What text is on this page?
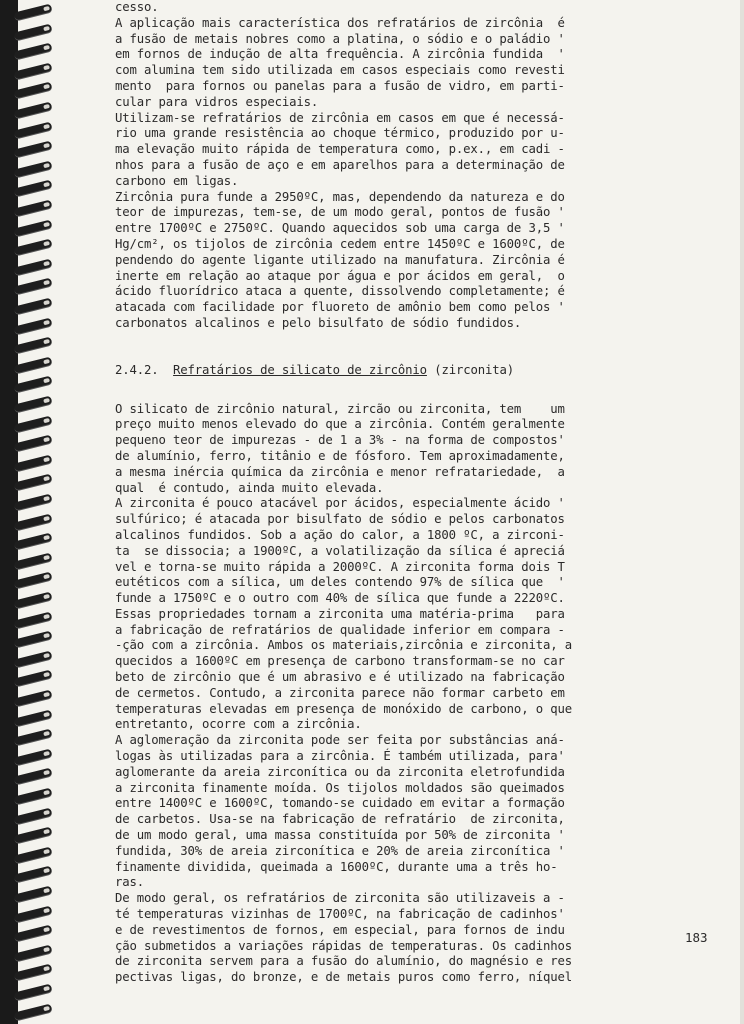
cesso.
A aplicação mais característica dos refratários de zircônia  é
a fusão de metais nobres como a platina, o sódio e o paládio '
em fornos de indução de alta frequência. A zircônia fundida  '
com alumina tem sido utilizada em casos especiais como revesti
mento  para fornos ou panelas para a fusão de vidro, em parti-
cular para vidros especiais.
Utilizam-se refratários de zircônia em casos em que é necessá-
rio uma grande resistência ao choque térmico, produzido por u-
ma elevação muito rápida de temperatura como, p.ex., em cadi -
nhos para a fusão de aço e em aparelhos para a determinação de
carbono em ligas.
Zircônia pura funde a 2950ºC, mas, dependendo da natureza e do
teor de impurezas, tem-se, de um modo geral, pontos de fusão '
entre 1700ºC e 2750ºC. Quando aquecidos sob uma carga de 3,5 '
Hg/cm², os tijolos de zircônia cedem entre 1450ºC e 1600ºC, de
pendendo do agente ligante utilizado na manufatura. Zircônia é
inerte em relação ao ataque por água e por ácidos em geral,  o
ácido fluorídrico ataca a quente, dissolvendo completamente; é
atacada com facilidade por fluoreto de amônio bem como pelos '
carbonatos alcalinos e pelo bisulfato de sódio fundidos.
2.4.2. Refratários de silicato de zircônio (zirconita)
O silicato de zircônio natural, zircão ou zirconita, tem    um
preço muito menos elevado do que a zircônia. Contém geralmente
pequeno teor de impurezas - de 1 a 3% - na forma de compostos'
de alumínio, ferro, titânio e de fósforo. Tem aproximadamente,
a mesma inércia química da zircônia e menor refratariedade,  a
qual  é contudo, ainda muito elevada.
A zirconita é pouco atacável por ácidos, especialmente ácido '
sulfúrico; é atacada por bisulfato de sódio e pelos carbonatos
alcalinos fundidos. Sob a ação do calor, a 1800 ºC, a zirconi-
ta  se dissocia; a 1900ºC, a volatilização da sílica é apreciá
vel e torna-se muito rápida a 2000ºC. A zirconita forma dois T
eutéticos com a sílica, um deles contendo 97% de sílica que  '
funde a 1750ºC e o outro com 40% de sílica que funde a 2220ºC.
Essas propriedades tornam a zirconita uma matéria-prima   para
a fabricação de refratários de qualidade inferior em compara -
-ção com a zircônia. Ambos os materiais,zircônia e zirconita, a
quecidos a 1600ºC em presença de carbono transformam-se no car
beto de zircônio que é um abrasivo e é utilizado na fabricação
de cermetos. Contudo, a zirconita parece não formar carbeto em
temperaturas elevadas em presença de monóxido de carbono, o que
entretanto, ocorre com a zircônia.
A aglomeração da zirconita pode ser feita por substâncias aná-
logas às utilizadas para a zircônia. É também utilizada, para'
aglomerante da areia zirconítica ou da zirconita eletrofundida
a zirconita finamente moída. Os tijolos moldados são queimados
entre 1400ºC e 1600ºC, tomando-se cuidado em evitar a formação
de carbetos. Usa-se na fabricação de refratário  de zirconita,
de um modo geral, uma massa constituída por 50% de zirconita '
fundida, 30% de areia zirconítica e 20% de areia zirconítica '
finamente dividida, queimada a 1600ºC, durante uma a três ho-
ras.
De modo geral, os refratários de zirconita são utilizaveis a -
té temperaturas vizinhas de 1700ºC, na fabricação de cadinhos'
e de revestimentos de fornos, em especial, para fornos de indu
ção submetidos a variações rápidas de temperaturas. Os cadinhos
de zirconita servem para a fusão do alumínio, do magnésio e res
pectivas ligas, do bronze, e de metais puros como ferro, níquel
183
